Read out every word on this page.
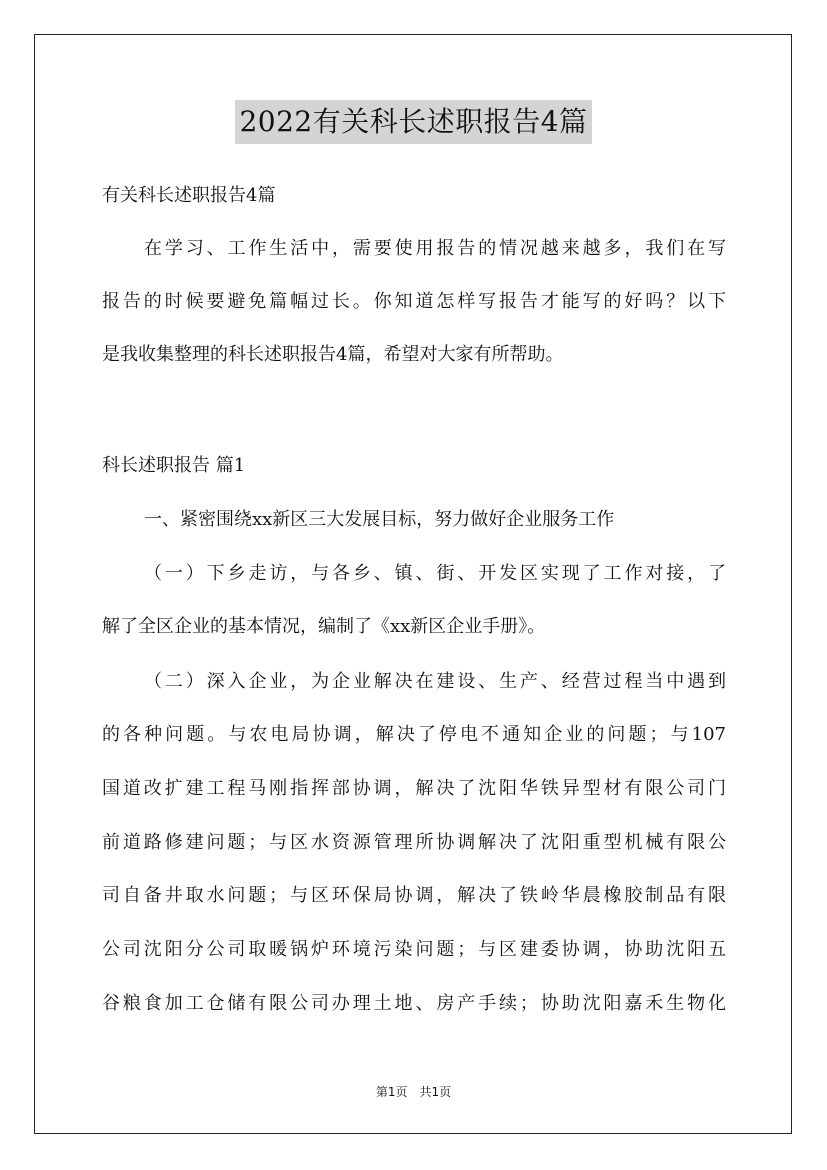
2022有关科长述职报告4篇
有关科长述职报告4篇
在学习、工作生活中，需要使用报告的情况越来越多，我们在写
报告的时候要避免篇幅过长。你知道怎样写报告才能写的好吗？以下
是我收集整理的科长述职报告4篇，希望对大家有所帮助。
科长述职报告 篇1
一、紧密围绕xx新区三大发展目标，努力做好企业服务工作
（一）下乡走访，与各乡、镇、街、开发区实现了工作对接，了
解了全区企业的基本情况，编制了《xx新区企业手册》。
（二）深入企业，为企业解决在建设、生产、经营过程当中遇到
的各种问题。与农电局协调，解决了停电不通知企业的问题；与107
国道改扩建工程马刚指挥部协调，解决了沈阳华铁异型材有限公司门
前道路修建问题；与区水资源管理所协调解决了沈阳重型机械有限公
司自备井取水问题；与区环保局协调，解决了铁岭华晨橡胶制品有限
公司沈阳分公司取暖锅炉环境污染问题；与区建委协调，协助沈阳五
谷粮食加工仓储有限公司办理土地、房产手续；协助沈阳嘉禾生物化
第1页　共1页
